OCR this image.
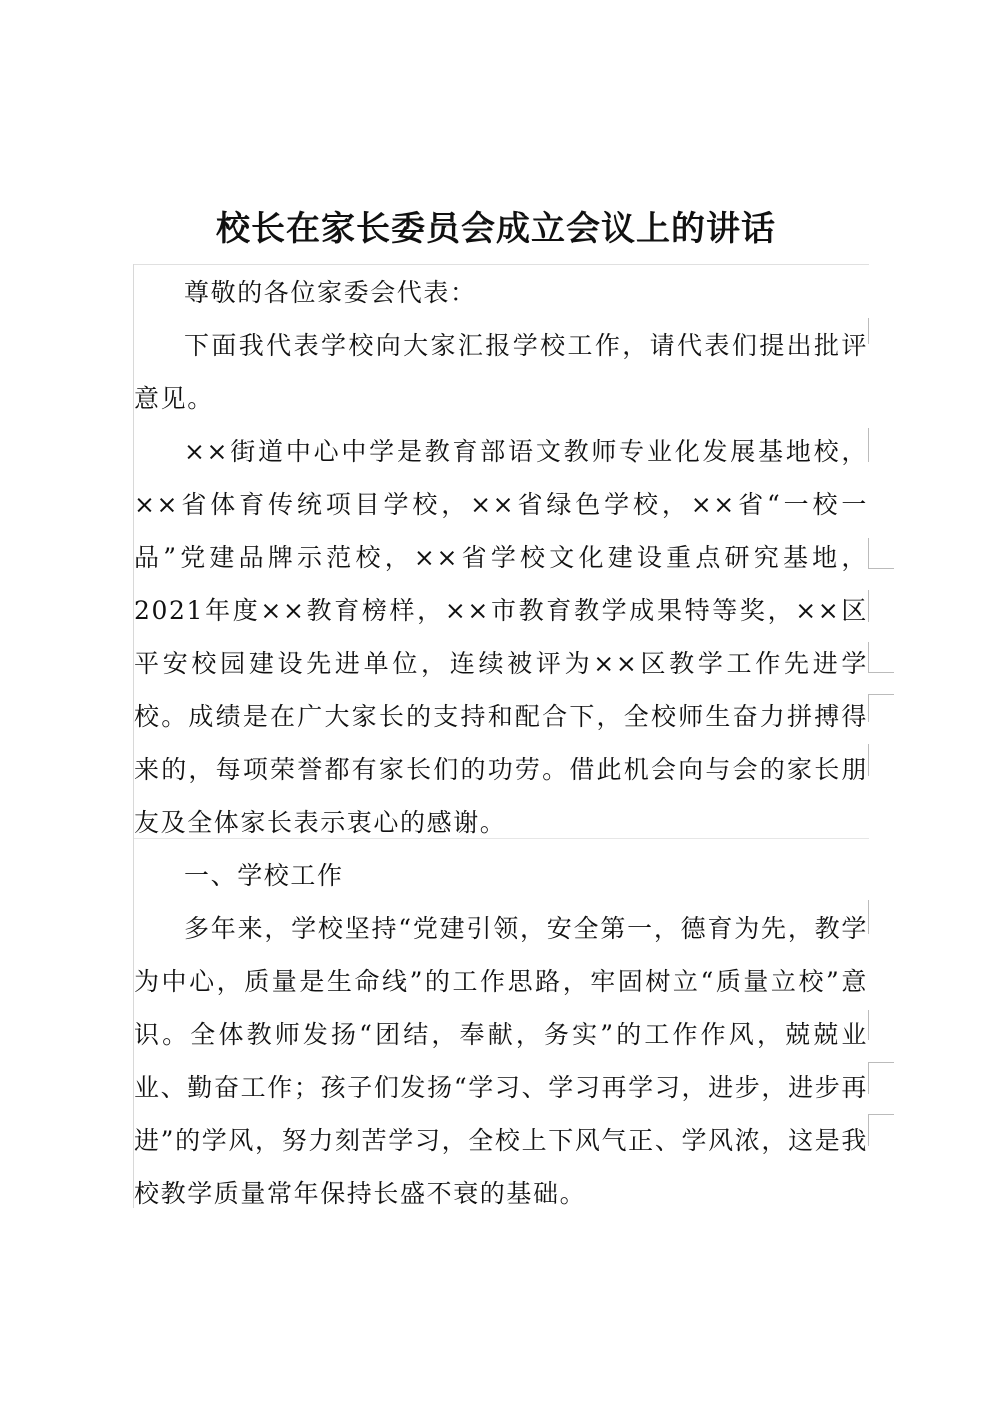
校长在家长委员会成立会议上的讲话

尊敬的各位家委会代表：

下面我代表学校向大家汇报学校工作，请代表们提出批评意见。

××街道中心中学是教育部语文教师专业化发展基地校，××省体育传统项目学校，××省绿色学校，××省“一校一品”党建品牌示范校，××省学校文化建设重点研究基地，2021年度××教育榜样，××市教育教学成果特等奖，××区平安校园建设先进单位，连续被评为××区教学工作先进学校。成绩是在广大家长的支持和配合下，全校师生奋力拼搏得来的，每项荣誉都有家长们的功劳。借此机会向与会的家长朋友及全体家长表示衷心的感谢。

一、学校工作

多年来，学校坚持“党建引领，安全第一，德育为先，教学为中心，质量是生命线”的工作思路，牢固树立“质量立校”意识。全体教师发扬“团结，奉献，务实”的工作作风，兢兢业业、勤奋工作；孩子们发扬“学习、学习再学习，进步，进步再进”的学风，努力刻苦学习，全校上下风气正、学风浓，这是我校教学质量常年保持长盛不衰的基础。
